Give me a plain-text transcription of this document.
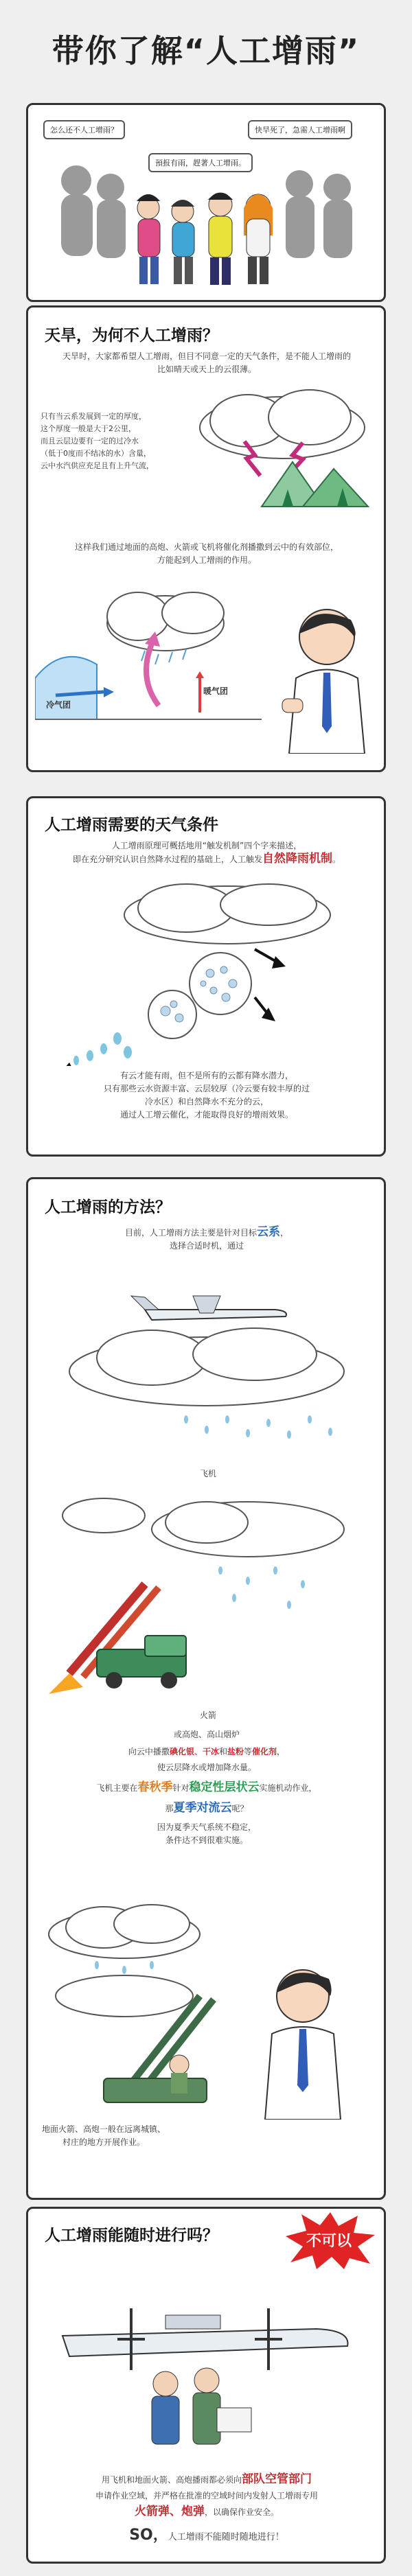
带你了解“人工增雨”
怎么还不人工增雨？	快旱死了，急需人工增雨啊
預报有雨，趕著人工增雨。
天旱，为何不人工增雨？
天旱时，大家都希望人工增雨，但目不同意一定的天气条件，是不能人工增雨的
比如晴天或天上的云很薄。
只有当云系发展到一定的厚度，
这个厚度一般是大于2公里，
而且云层边要有一定的过冷水
（低于0度而不结冰的水）含量，
云中水汽供应充足且有上升气流，
这样我们通过地面的高炮、火箭或飞机将催化剂播撒到云中的有效部位，
方能起到人工增雨的作用。
冷气团
暖气团
人工增雨需要的天气条件
人工增雨原理可概括地用“触发机制”四个字来描述，
即在充分研究认识自然降水过程的基础上，人工触发自然降雨机制。
有云才能有雨，但不是所有的云都有降水潜力，
只有那些云水资源丰富、云层较厚（冷云要有较丰厚的过
冷水区）和自然降水不充分的云，
通过人工增云催化，才能取得良好的增雨效果。
人工增雨的方法？
目前，人工增雨方法主要是针对目标云系，
选择合适时机，通过
飞机
火箭
或高炮、高山烟炉
向云中播撒碘化银、干冰和盐粉等催化剂，
使云层降水或增加降水量。
飞机主要在春秋季针对稳定性层状云实施机动作业，
那夏季对流云呢？
因为夏季天气系统不稳定，
条件达不到很难实施。
地面火箭、高炮一般在远离城镇、
村庄的地方开展作业。
人工增雨能随时进行吗？	不可以
用飞机和地面火箭、高炮播雨都必须向部队空管部门
申请作业空域，并严格在批准的空域时间内发射人工增雨专用
火箭弹、炮弹，以确保作业安全。
SO，人工增雨不能随时随地进行！
